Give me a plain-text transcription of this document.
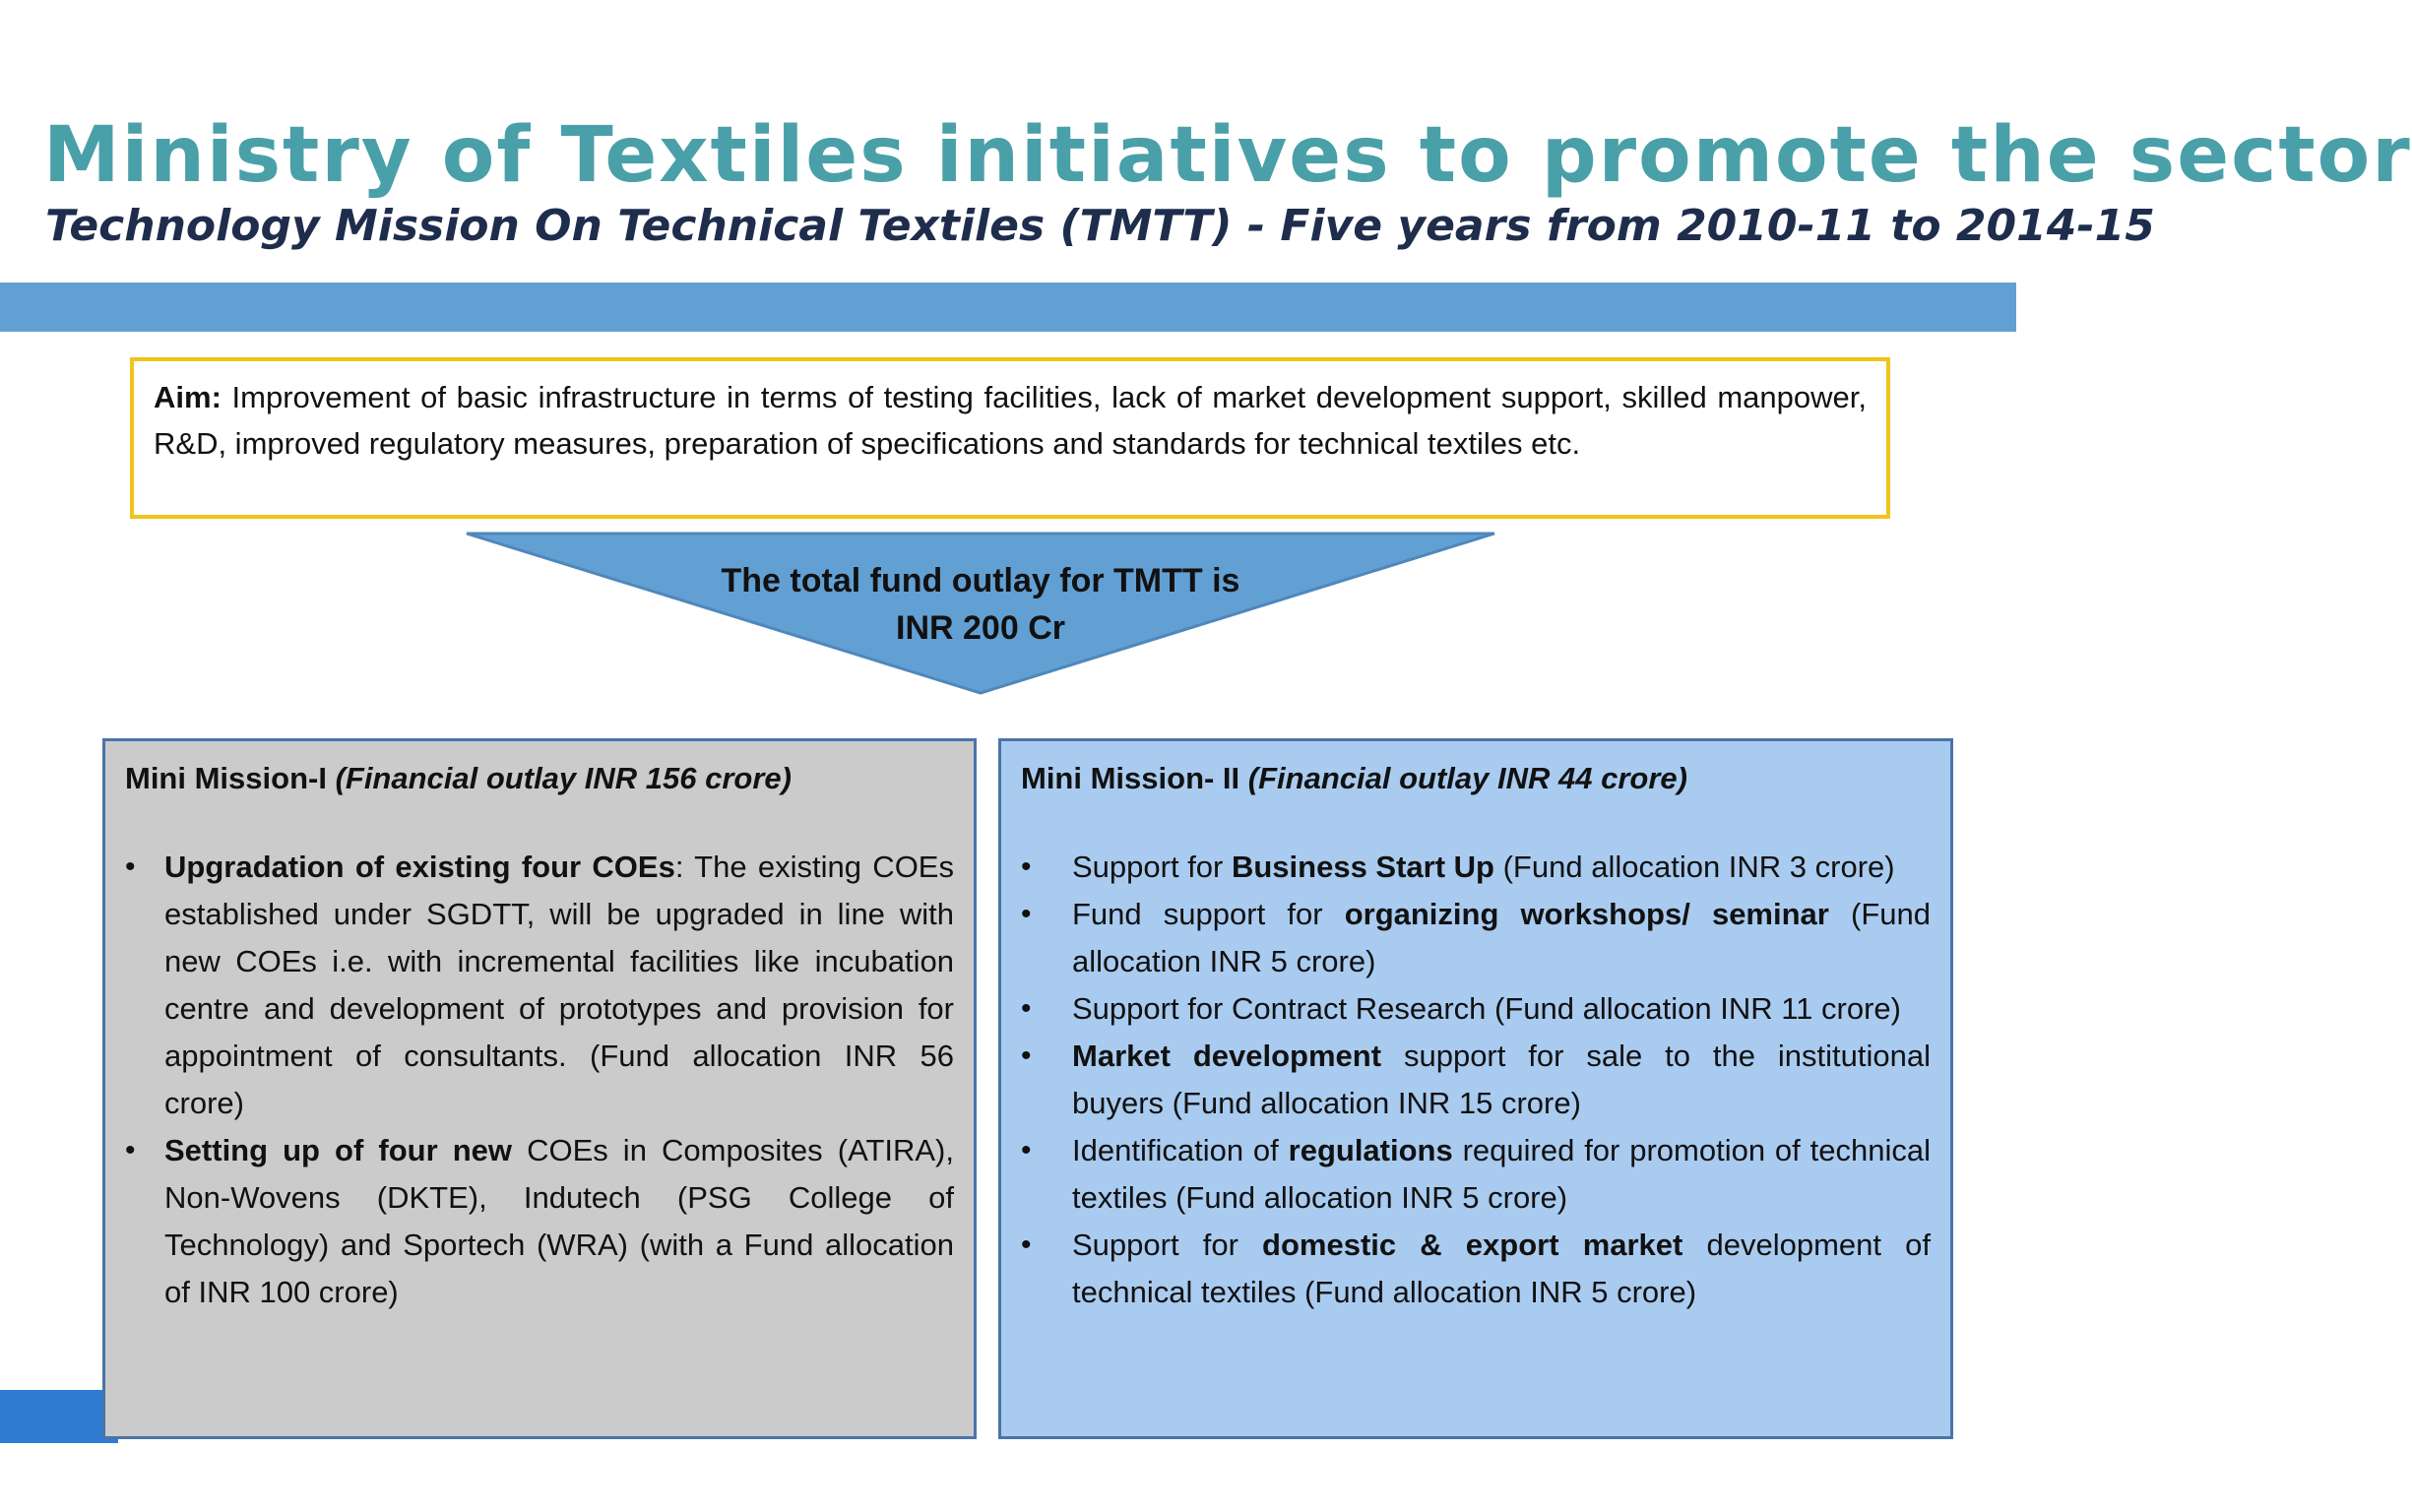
Ministry of Textiles initiatives to promote the sector
Technology Mission On Technical Textiles (TMTT) - Five years from 2010-11 to 2014-15
Aim: Improvement of basic infrastructure in terms of testing facilities, lack of market development support, skilled manpower, R&D, improved regulatory measures, preparation of specifications and standards for technical textiles etc.
The total fund outlay for TMTT is
INR 200 Cr
Mini Mission-I (Financial outlay INR 156 crore)
• Upgradation of existing four COEs: The existing COEs established under SGDTT, will be upgraded in line with new COEs i.e. with incremental facilities like incubation centre and development of prototypes and provision for appointment of consultants. (Fund allocation INR 56 crore)
• Setting up of four new COEs in Composites (ATIRA), Non-Wovens (DKTE), Indutech (PSG College of Technology) and Sportech (WRA) (with a Fund allocation of INR 100 crore)
Mini Mission- II (Financial outlay INR 44 crore)
• Support for Business Start Up (Fund allocation INR 3 crore)
• Fund support for organizing workshops/ seminar (Fund allocation INR 5 crore)
• Support for Contract Research (Fund allocation INR 11 crore)
• Market development support for sale to the institutional buyers (Fund allocation INR 15 crore)
• Identification of regulations required for promotion of technical textiles (Fund allocation INR 5 crore)
• Support for domestic & export market development of technical textiles (Fund allocation INR 5 crore)
